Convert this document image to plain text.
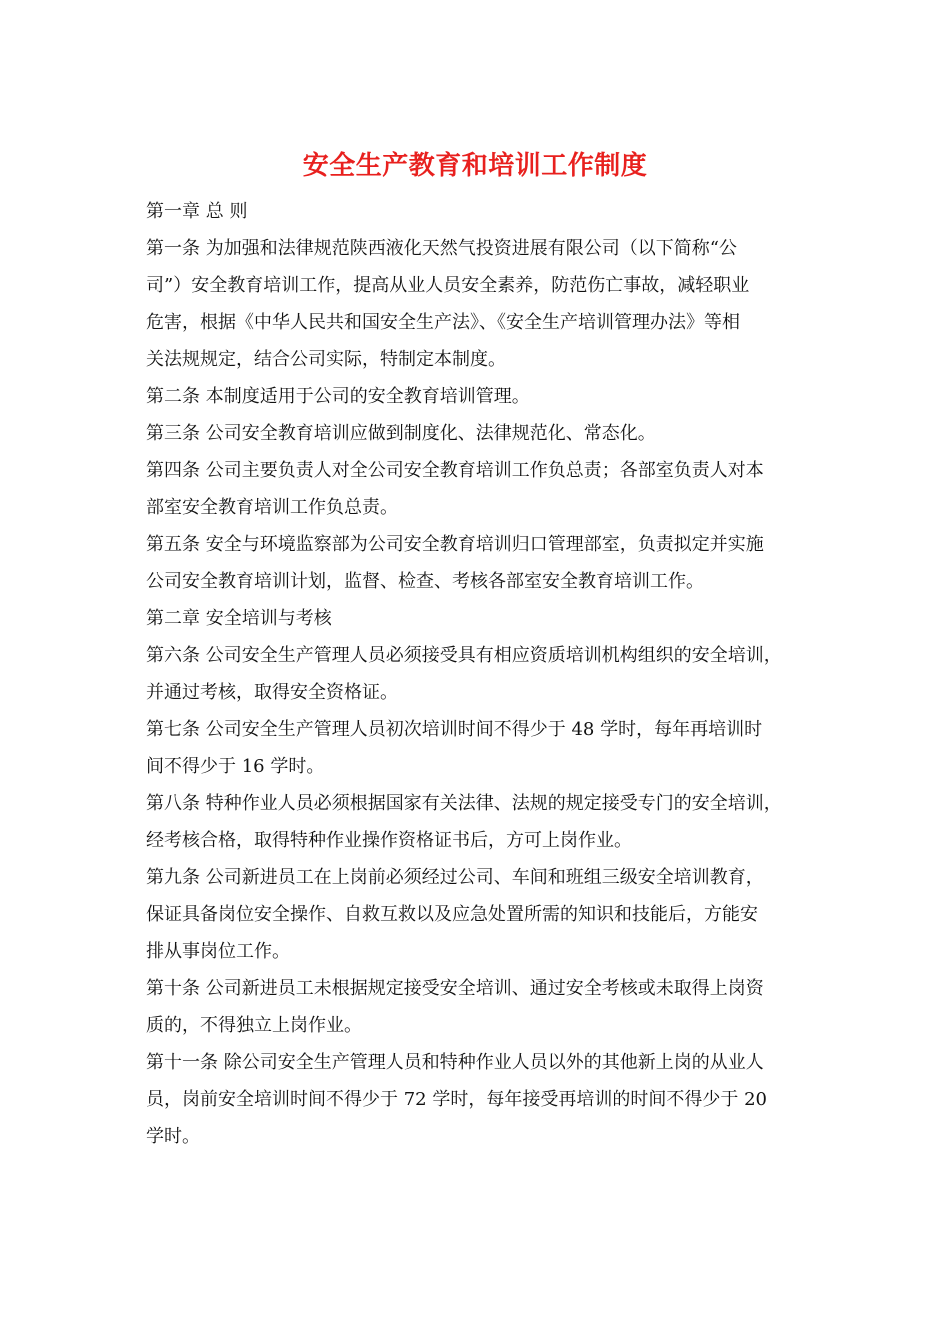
安全生产教育和培训工作制度
第一章 总 则
第一条 为加强和法律规范陕西液化天然气投资进展有限公司（以下简称“公
司”）安全教育培训工作，提高从业人员安全素养，防范伤亡事故，减轻职业
危害，根据《中华人民共和国安全生产法》、《安全生产培训管理办法》等相
关法规规定，结合公司实际，特制定本制度。
第二条 本制度适用于公司的安全教育培训管理。
第三条 公司安全教育培训应做到制度化、法律规范化、常态化。
第四条 公司主要负责人对全公司安全教育培训工作负总责；各部室负责人对本
部室安全教育培训工作负总责。
第五条 安全与环境监察部为公司安全教育培训归口管理部室，负责拟定并实施
公司安全教育培训计划，监督、检查、考核各部室安全教育培训工作。
第二章 安全培训与考核
第六条 公司安全生产管理人员必须接受具有相应资质培训机构组织的安全培训，
并通过考核，取得安全资格证。
第七条 公司安全生产管理人员初次培训时间不得少于 48 学时，每年再培训时
间不得少于 16 学时。
第八条 特种作业人员必须根据国家有关法律、法规的规定接受专门的安全培训，
经考核合格，取得特种作业操作资格证书后，方可上岗作业。
第九条 公司新进员工在上岗前必须经过公司、车间和班组三级安全培训教育，
保证具备岗位安全操作、自救互救以及应急处置所需的知识和技能后，方能安
排从事岗位工作。
第十条 公司新进员工未根据规定接受安全培训、通过安全考核或未取得上岗资
质的，不得独立上岗作业。
第十一条 除公司安全生产管理人员和特种作业人员以外的其他新上岗的从业人
员，岗前安全培训时间不得少于 72 学时，每年接受再培训的时间不得少于 20
学时。
